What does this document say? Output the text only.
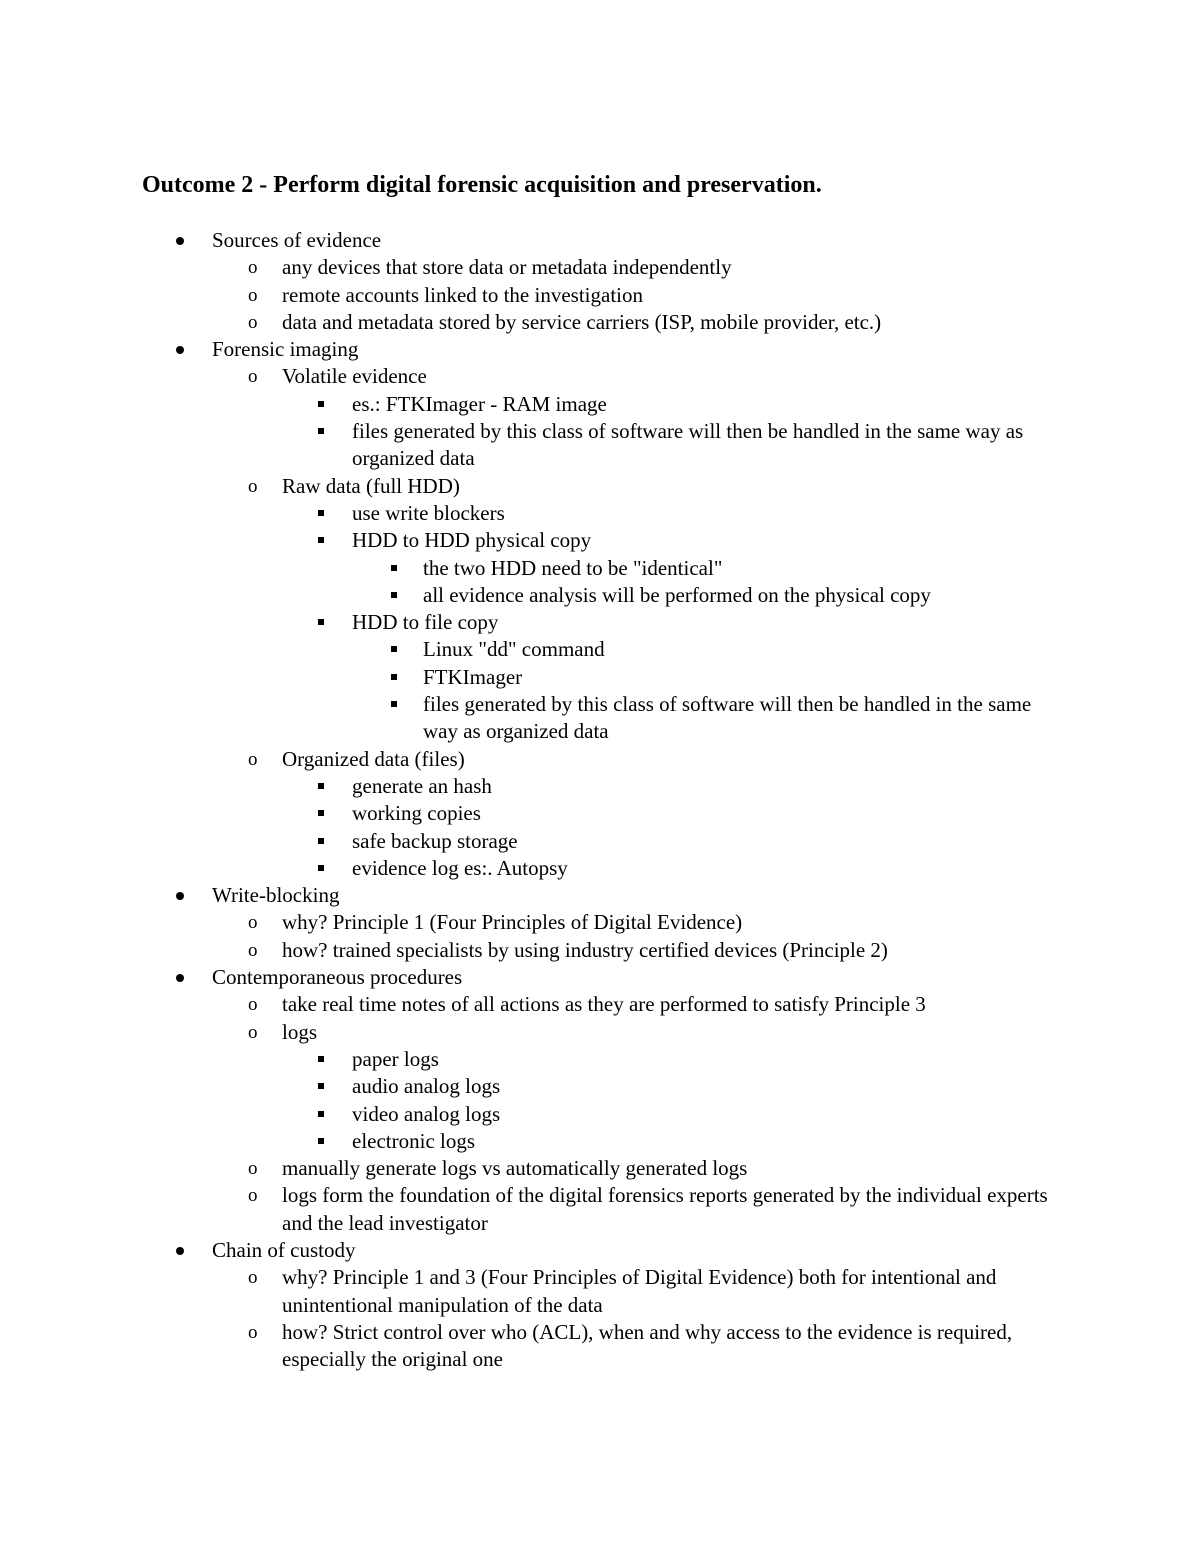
Outcome 2 - Perform digital forensic acquisition and preservation.
Sources of evidence
o	any devices that store data or metadata independently
o	remote accounts linked to the investigation
o	data and metadata stored by service carriers (ISP, mobile provider, etc.)
Forensic imaging
o	Volatile evidence
es.: FTKImager - RAM image
files generated by this class of software will then be handled in the same way as organized data
o	Raw data (full HDD)
use write blockers
HDD to HDD physical copy
the two HDD need to be "identical"
all evidence analysis will be performed on the physical copy
HDD to file copy
Linux "dd" command
FTKImager
files generated by this class of software will then be handled in the same way as organized data
o	Organized data (files)
generate an hash
working copies
safe backup storage
evidence log es:. Autopsy
Write-blocking
o	why? Principle 1 (Four Principles of Digital Evidence)
o	how? trained specialists by using industry certified devices (Principle 2)
Contemporaneous procedures
o	take real time notes of all actions as they are performed to satisfy Principle 3
o	logs
paper logs
audio analog logs
video analog logs
electronic logs
o	manually generate logs vs automatically generated logs
o	logs form the foundation of the digital forensics reports generated by the individual experts and the lead investigator
Chain of custody
o	why? Principle 1 and 3 (Four Principles of Digital Evidence) both for intentional and unintentional manipulation of the data
o	how? Strict control over who (ACL), when and why access to the evidence is required, especially the original one
